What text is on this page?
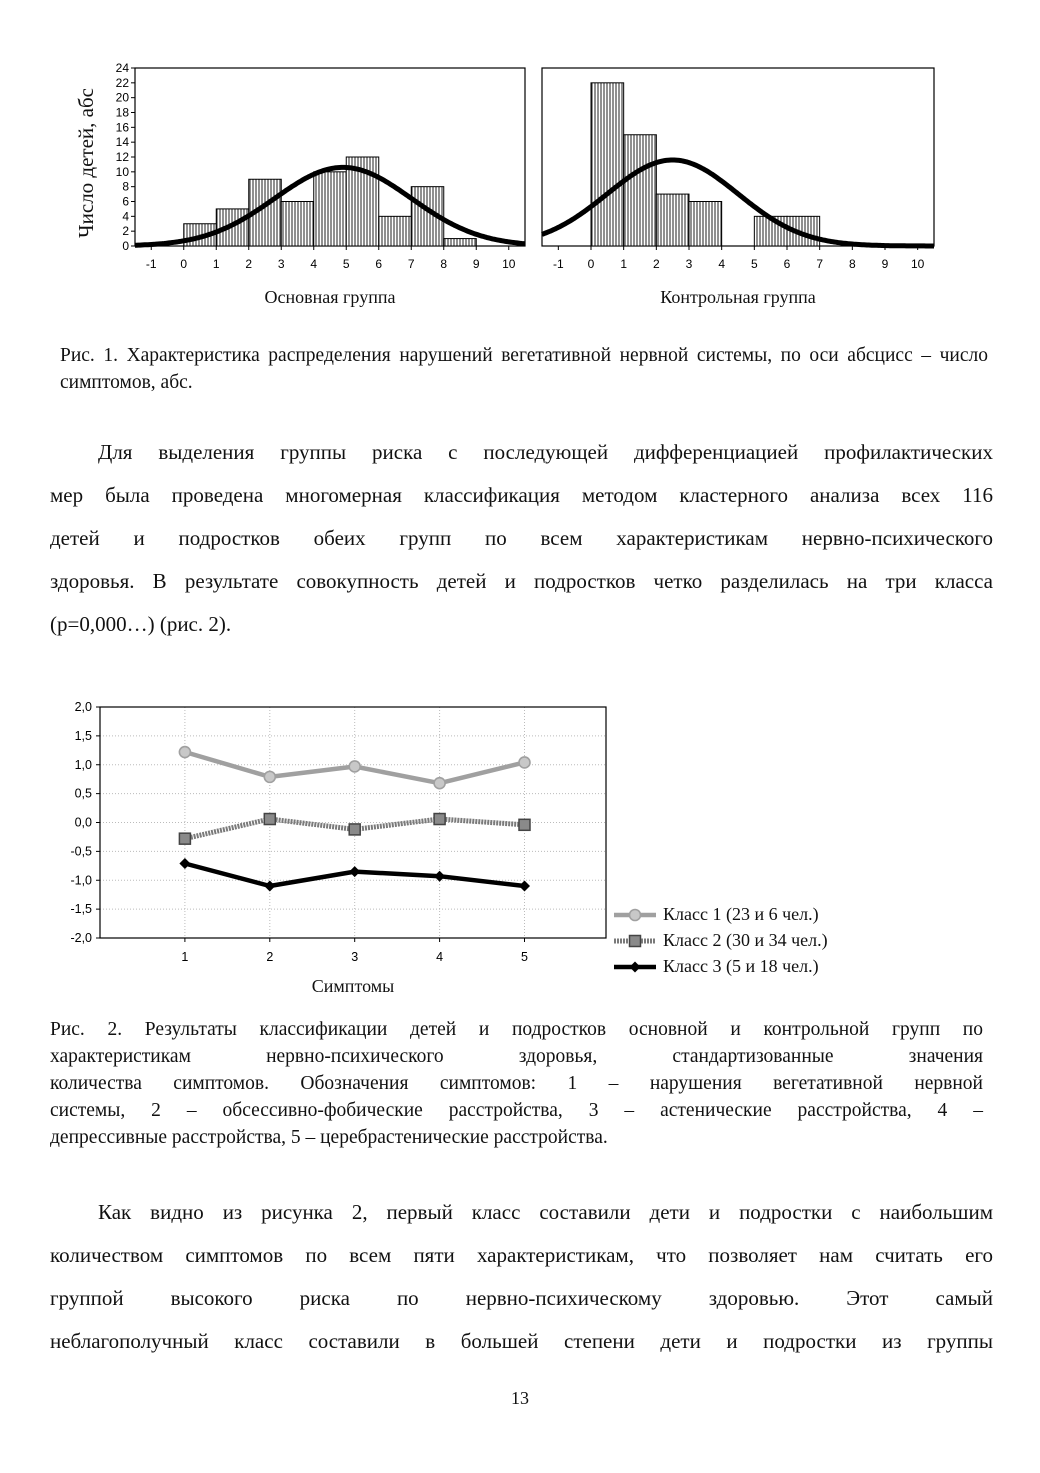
Число детей, абс
-1 0 1 2 3 4 5 6 7 8 9 10
0
2
4
6
8
10
12
14
16
18
20
22
24
-1 0 1 2 3 4 5 6 7 8 9 10
Основная группа	Контрольная группа
Рис. 1. Характеристика распределения нарушений вегетативной нервной системы, по оси абсцисс – число симптомов, абс.
Для выделения группы риска с последующей дифференциацией профилактических
мер была проведена многомерная классификация методом кластерного анализа всех 116
детей и подростков обеих групп по всем характеристикам нервно-психического
здоровья. В результате совокупность детей и подростков четко разделилась на три класса
(p=0,000…) (рис. 2).
2,0
1,5
1,0
0,5
0,0
-0,5
-1,0
-1,5
-2,0
1	2	3	4	5
Симптомы
Класс 1 (23 и 6 чел.)
Класс 2 (30 и 34 чел.)
Класс 3 (5 и 18 чел.)
Рис. 2. Результаты классификации детей и подростков основной и контрольной групп по
характеристикам нервно-психического здоровья, стандартизованные значения
количества симптомов. Обозначения симптомов: 1 – нарушения вегетативной нервной
системы, 2 – обсессивно-фобические расстройства, 3 – астенические расстройства, 4 –
депрессивные расстройства, 5 – церебрастенические расстройства.
Как видно из рисунка 2, первый класс составили дети и подростки с наибольшим
количеством симптомов по всем пяти характеристикам, что позволяет нам считать его
группой высокого риска по нервно-психическому здоровью. Этот самый
неблагополучный класс составили в большей степени дети и подростки из группы
13
